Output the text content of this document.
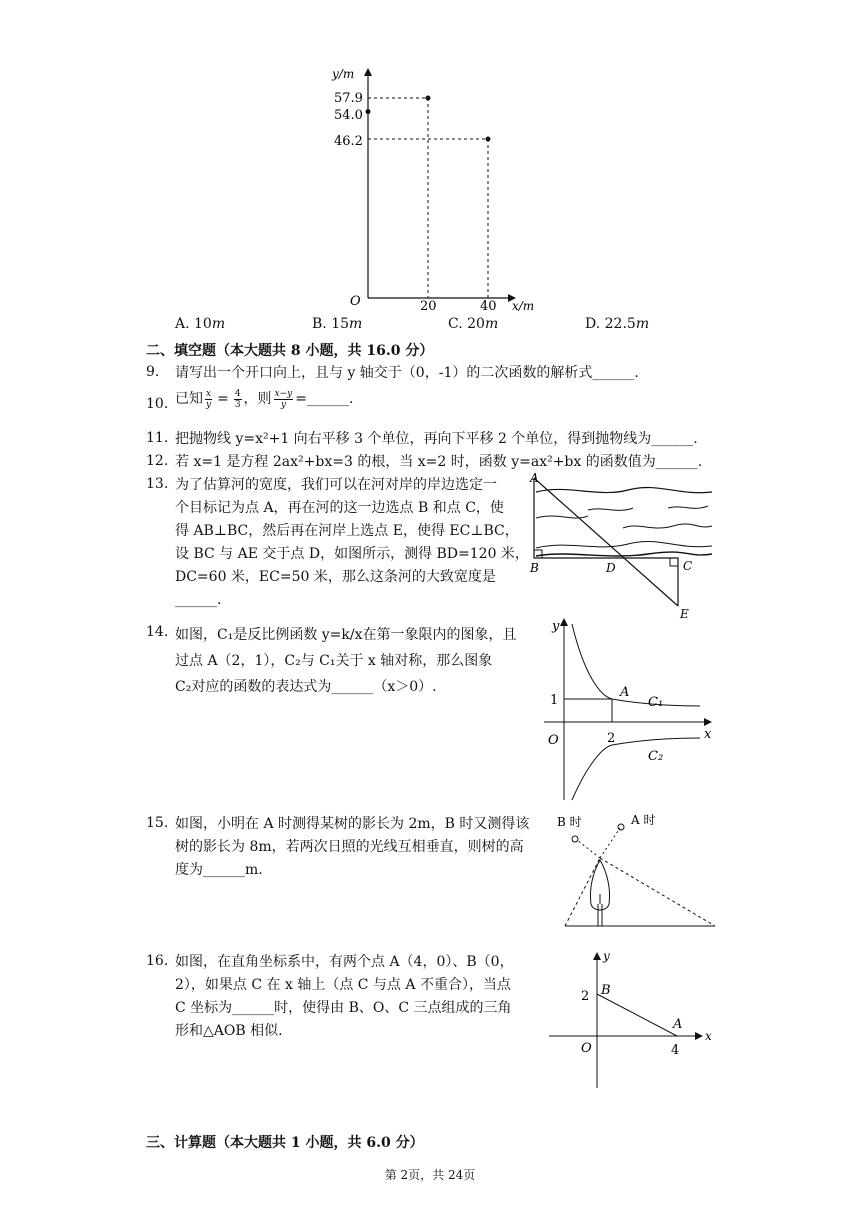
y/m
x/m
O
57.9
54.0
46.2
20	40
A. 10m	B. 15m	C. 20m	D. 22.5m
二、填空题（本大题共 8 小题，共 16.0 分）
9. 请写出一个开口向上，且与 y 轴交于（0，-1）的二次函数的解析式______.
10. 已知 $\frac{x}{y} = \frac{4}{3}$ ，则 $\frac{x-y}{y}$ =______.
11. 把抛物线 y=x²+1 向右平移 3 个单位，再向下平移 2 个单位，得到抛物线为______.
12. 若 x=1 是方程 2ax²+bx=3 的根，当 x=2 时，函数 y=ax²+bx 的函数值为______.
13. 为了估算河的宽度，我们可以在河对岸的岸边选定一
个目标记为点 A，再在河的这一边选点 B 和点 C，使
得 AB⊥BC，然后再在河岸上选点 E，使得 EC⊥BC，
设 BC 与 AE 交于点 D，如图所示，测得 BD=120 米，
DC=60 米，EC=50 米，那么这条河的大致宽度是
______.
A
B	D	C
E
14. 如图，C₁是反比例函数 y=k/x在第一象限内的图象，且
过点 A（2，1），C₂与 C₁关于 x 轴对称，那么图象
C₂对应的函数的表达式为______（x＞0）.
y
x
O
1
2
A
C₁
C₂
15. 如图，小明在 A 时测得某树的影长为 2m，B 时又测得该
树的影长为 8m，若两次日照的光线互相垂直，则树的高
度为______m.
B 时	A 时
16. 如图，在直角坐标系中，有两个点 A（4，0）、B（0，
2），如果点 C 在 x 轴上（点 C 与点 A 不重合），当点
C 坐标为______时，使得由 B、O、C 三点组成的三角
形和△AOB 相似.
y
x
O
2 B
A
4
三、计算题（本大题共 1 小题，共 6.0 分）
第 2页，共 24页
